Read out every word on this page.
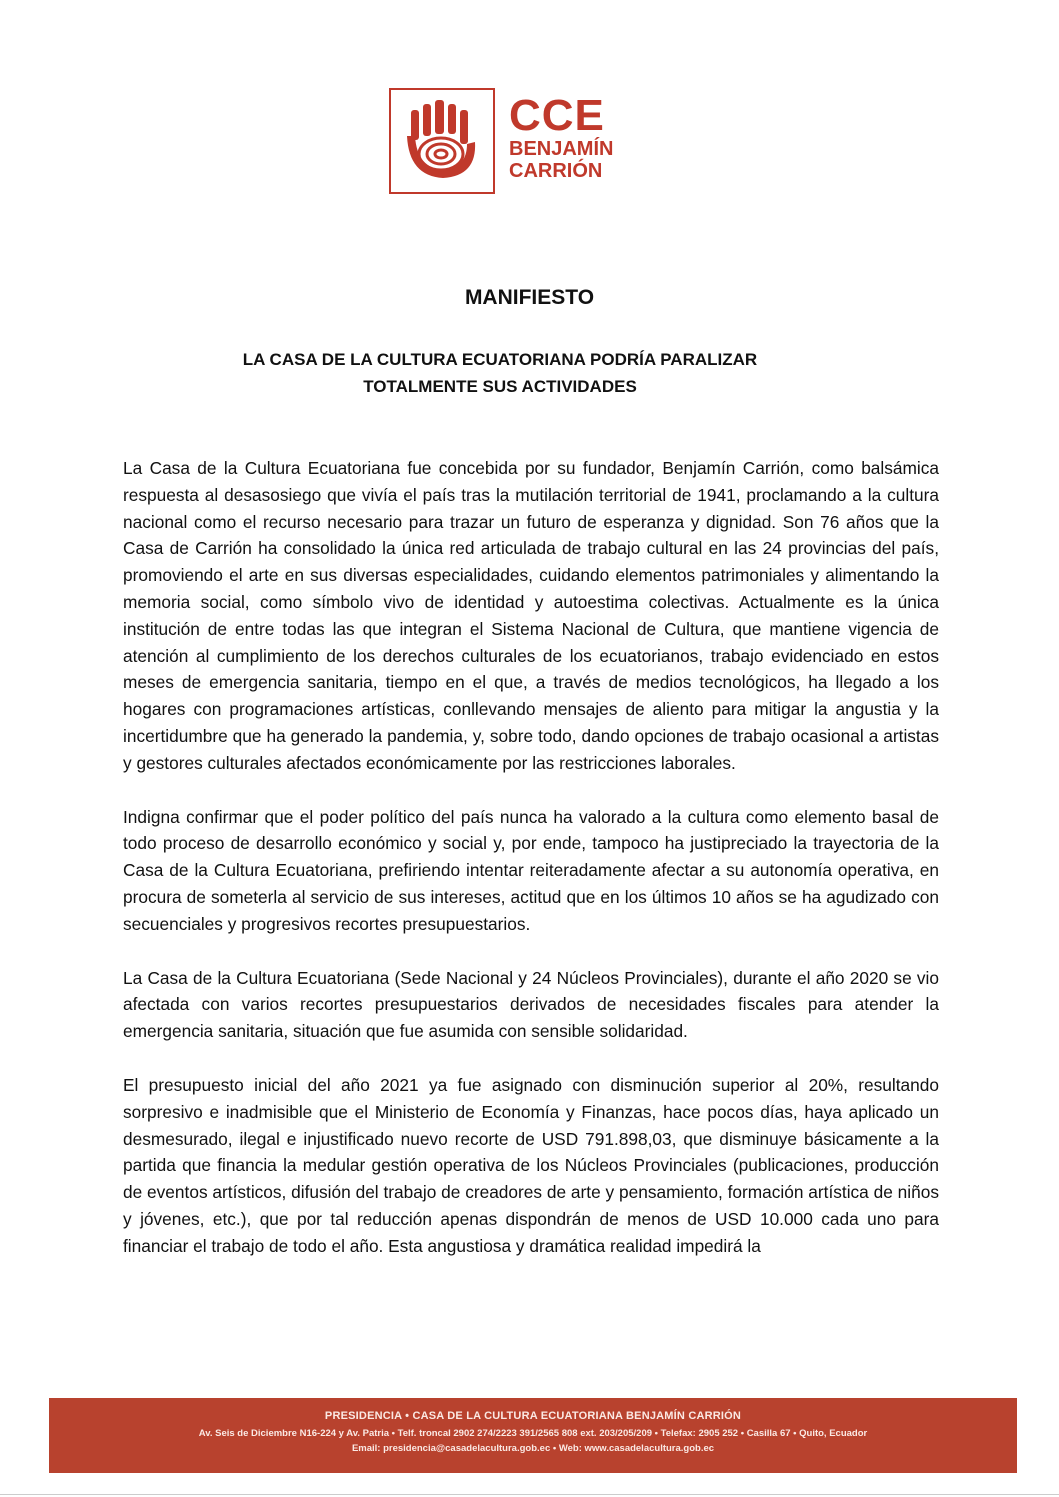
CCE
BENJAMÍN
CARRIÓN
MANIFIESTO
LA CASA DE LA CULTURA ECUATORIANA PODRÍA PARALIZAR
TOTALMENTE SUS ACTIVIDADES

La Casa de la Cultura Ecuatoriana fue concebida por su fundador, Benjamín Carrión, como balsámica respuesta al desasosiego que vivía el país tras la mutilación territorial de 1941, proclamando a la cultura nacional como el recurso necesario para trazar un futuro de esperanza y dignidad. Son 76 años que la Casa de Carrión ha consolidado la única red articulada de trabajo cultural en las 24 provincias del país, promoviendo el arte en sus diversas especialidades, cuidando elementos patrimoniales y alimentando la memoria social, como símbolo vivo de identidad y autoestima colectivas. Actualmente es la única institución de entre todas las que integran el Sistema Nacional de Cultura, que mantiene vigencia de atención al cumplimiento de los derechos culturales de los ecuatorianos, trabajo evidenciado en estos meses de emergencia sanitaria, tiempo en el que, a través de medios tecnológicos, ha llegado a los hogares con programaciones artísticas, conllevando mensajes de aliento para mitigar la angustia y la incertidumbre que ha generado la pandemia, y, sobre todo, dando opciones de trabajo ocasional a artistas y gestores culturales afectados económicamente por las restricciones laborales.

Indigna confirmar que el poder político del país nunca ha valorado a la cultura como elemento basal de todo proceso de desarrollo económico y social y, por ende, tampoco ha justipreciado la trayectoria de la Casa de la Cultura Ecuatoriana, prefiriendo intentar reiteradamente afectar a su autonomía operativa, en procura de someterla al servicio de sus intereses, actitud que en los últimos 10 años se ha agudizado con secuenciales y progresivos recortes presupuestarios.

La Casa de la Cultura Ecuatoriana (Sede Nacional y 24 Núcleos Provinciales), durante el año 2020 se vio afectada con varios recortes presupuestarios derivados de necesidades fiscales para atender la emergencia sanitaria, situación que fue asumida con sensible solidaridad.

El presupuesto inicial del año 2021 ya fue asignado con disminución superior al 20%, resultando sorpresivo e inadmisible que el Ministerio de Economía y Finanzas, hace pocos días, haya aplicado un desmesurado, ilegal e injustificado nuevo recorte de USD 791.898,03, que disminuye básicamente a la partida que financia la medular gestión operativa de los Núcleos Provinciales (publicaciones, producción de eventos artísticos, difusión del trabajo de creadores de arte y pensamiento, formación artística de niños y jóvenes, etc.), que por tal reducción apenas dispondrán de menos de USD 10.000 cada uno para financiar el trabajo de todo el año. Esta angustiosa y dramática realidad impedirá la

PRESIDENCIA • CASA DE LA CULTURA ECUATORIANA BENJAMÍN CARRIÓN
Av. Seis de Diciembre N16-224 y Av. Patria • Telf. troncal 2902 274/2223 391/2565 808 ext. 203/205/209 • Telefax: 2905 252 • Casilla 67 • Quito, Ecuador
Email: presidencia@casadelacultura.gob.ec • Web: www.casadelacultura.gob.ec
